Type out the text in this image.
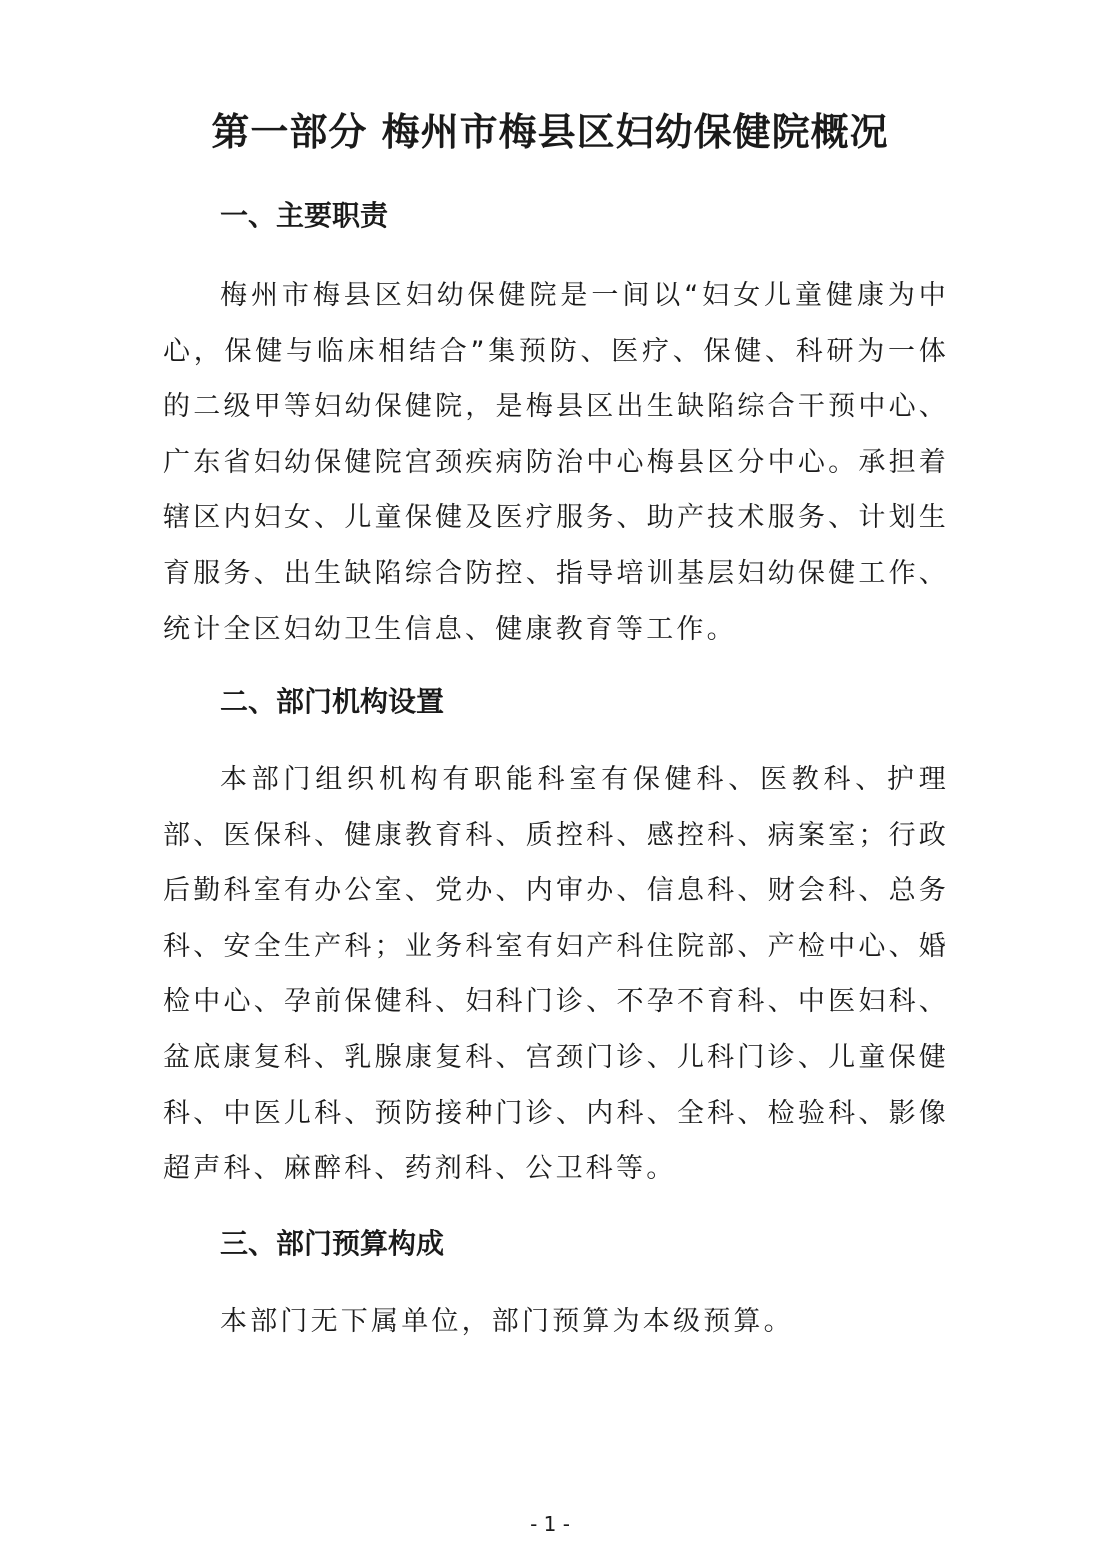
第一部分 梅州市梅县区妇幼保健院概况
一、主要职责

梅州市梅县区妇幼保健院是一间以“妇女儿童健康为中心，保健与临床相结合”集预防、医疗、保健、科研为一体的二级甲等妇幼保健院，是梅县区出生缺陷综合干预中心、广东省妇幼保健院宫颈疾病防治中心梅县区分中心。承担着辖区内妇女、儿童保健及医疗服务、助产技术服务、计划生育服务、出生缺陷综合防控、指导培训基层妇幼保健工作、统计全区妇幼卫生信息、健康教育等工作。

二、部门机构设置

本部门组织机构有职能科室有保健科、医教科、护理部、医保科、健康教育科、质控科、感控科、病案室；行政后勤科室有办公室、党办、内审办、信息科、财会科、总务科、安全生产科；业务科室有妇产科住院部、产检中心、婚检中心、孕前保健科、妇科门诊、不孕不育科、中医妇科、盆底康复科、乳腺康复科、宫颈门诊、儿科门诊、儿童保健科、中医儿科、预防接种门诊、内科、全科、检验科、影像超声科、麻醉科、药剂科、公卫科等。

三、部门预算构成

本部门无下属单位，部门预算为本级预算。

- 1 -
